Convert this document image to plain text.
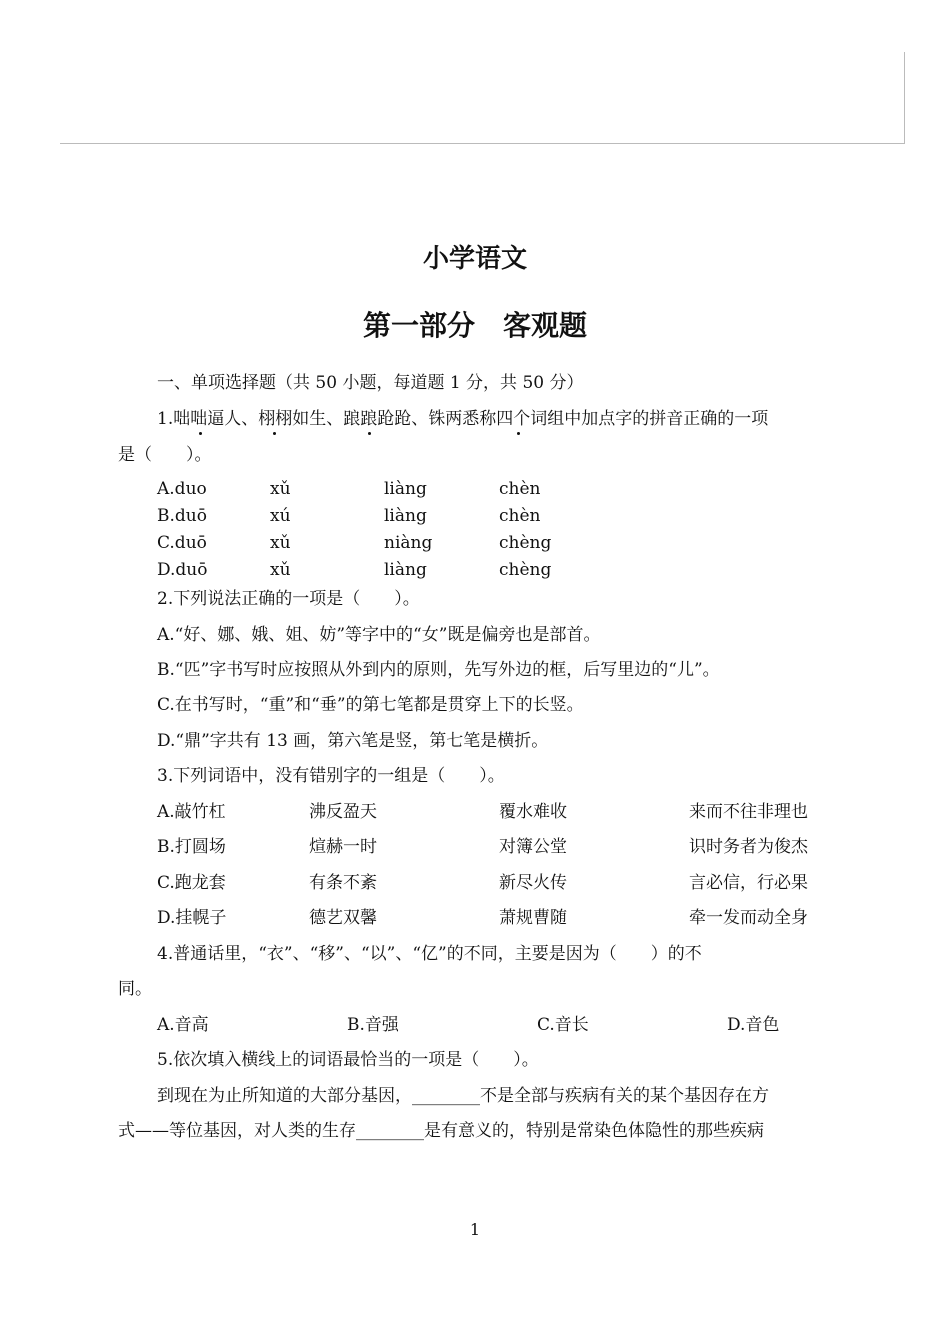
小学语文
第一部分　客观题
一、单项选择题（共 50 小题，每道题 1 分，共 50 分）
1.咄咄逼人、栩栩如生、踉踉跄跄、铢两悉称四个词组中加点字的拼音正确的一项
是（　　）。
A.duo	xǔ	liàng	chèn
B.duō	xú	liàng	chèn
C.duō	xǔ	niàng	chèng
D.duō	xǔ	liàng	chèng
2.下列说法正确的一项是（　　）。
A.“好、娜、娥、姐、妨”等字中的“女”既是偏旁也是部首。
B.“匹”字书写时应按照从外到内的原则，先写外边的框，后写里边的“儿”。
C.在书写时，“重”和“垂”的第七笔都是贯穿上下的长竖。
D.“鼎”字共有 13 画，第六笔是竖，第七笔是横折。
3.下列词语中，没有错别字的一组是（　　）。
A.敲竹杠	沸反盈天	覆水难收	来而不往非理也
B.打圆场	煊赫一时	对簿公堂	识时务者为俊杰
C.跑龙套	有条不紊	新尽火传	言必信，行必果
D.挂幌子	德艺双馨	萧规曹随	牵一发而动全身
4.普通话里，“衣”、“移”、“以”、“亿”的不同，主要是因为（　　）的不
同。
A.音高	B.音强	C.音长	D.音色
5.依次填入横线上的词语最恰当的一项是（　　）。
到现在为止所知道的大部分基因，________不是全部与疾病有关的某个基因存在方
式——等位基因，对人类的生存________是有意义的，特别是常染色体隐性的那些疾病
1
